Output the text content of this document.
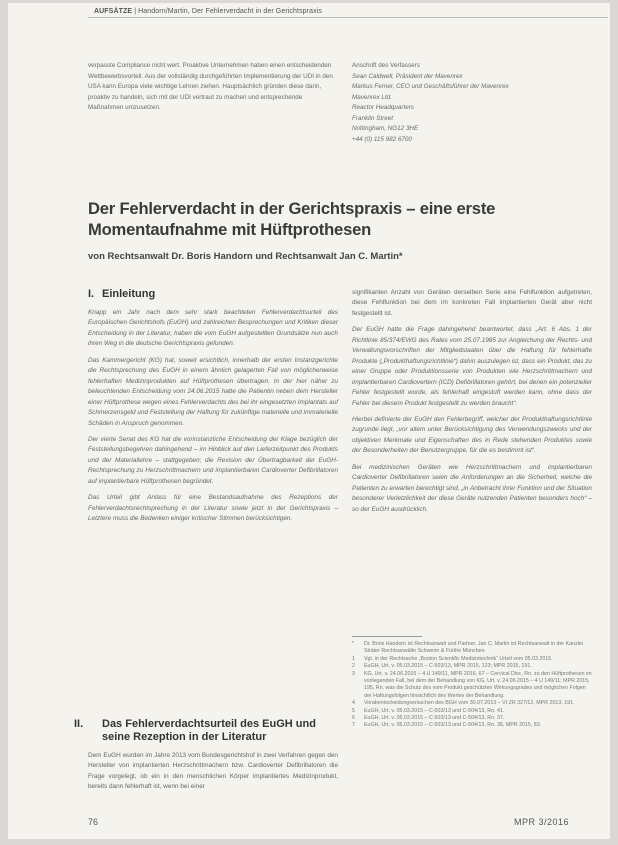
AUFSÄTZE | Handorn/Martin, Der Fehlerverdacht in der Gerichtspraxis
verpasste Compliance nicht wert. Proaktive Unternehmen haben einen entscheidenden Wettbewerbsvorteil. Aus der vollständig durchgeführten Implementierung der UDI in den USA kann Europa viele wichtige Lehren ziehen. Hauptsächlich gründen diese darin, proaktiv zu handeln, sich mit der UDI vertraut zu machen und entsprechende Maßnahmen umzusetzen.
Anschrift des Verfassers
Sean Caldwell, Präsident der Mavenrex
Markus Ferner, CEO und Geschäftsführer der Mavenrex
Mavenrex Ltd.
Reactor Headquarters
Franklin Street
Nottingham, NG12 3HE
+44 (0) 115 982 6700
Der Fehlerverdacht in der Gerichtspraxis – eine erste Momentaufnahme mit Hüftprothesen
von Rechtsanwalt Dr. Boris Handorn und Rechtsanwalt Jan C. Martin*
I. Einleitung

Knapp ein Jahr nach dem sehr stark beachteten Fehlerverdachtsurteil des Europäischen Gerichtshofs (EuGH) und zahlreichen Besprechungen und Kritiken dieser Entscheidung in der Literatur, haben die vom EuGH aufgestellten Grundsätze nun auch ihren Weg in die deutsche Gerichtspraxis gefunden.

Das Kammergericht (KG) hat, soweit ersichtlich, innerhalb der ersten Instanzgerichte die Rechtsprechung des EuGH in einem ähnlich gelagerten Fall von möglicherweise fehlerhaften Medizinprodukten auf Hüftprothesen übertragen. In der hier näher zu beleuchtenden Entscheidung vom 24.06.2015 hatte die Patientin neben dem Hersteller einer Hüftprothese wegen eines Fehlerverdachts des bei ihr eingesetzten Implantats auf Schmerzensgeld und Feststellung der Haftung für zukünftige materielle und immaterielle Schäden in Anspruch genommen.

Der vierte Senat des KG hat die vorinstanzliche Entscheidung der Klage bezüglich der Feststellungsbegehren dahingehend – im Hinblick auf den Lieferzeitpunkt des Produkts und der Materiallehre – stattgegeben; die Revision der Übertragbarkeit der EuGH-Rechtsprechung zu Herzschrittmachern und implantierbaren Cardioverter Defibrillatoren auf implantierbare Hüftprothesen begründet.

Das Urteil gibt Anlass für eine Bestandsaufnahme des Rezeptions der Fehlerverdachtsrechtsprechung in der Literatur sowie jetzt in der Gerichtspraxis – Letztere muss die Bedenken einiger kritischer Stimmen berücksichtigen.

II. Das Fehlerverdachtsurteil des EuGH und seine Rezeption in der Literatur

Dem EuGH wurden im Jahre 2013 vom Bundesgerichtshof in zwei Verfahren gegen den Hersteller von implantierten Herzschrittmachern bzw. Cardioverter Defibrillatoren die Frage vorgelegt, ob ein in den menschlichen Körper implantiertes Medizinprodukt, bereits dann fehlerhaft ist, wenn bei einer

signifikanten Anzahl von Geräten derselben Serie eine Fehlfunktion aufgetreten, diese Fehlfunktion bei dem im konkreten Fall implantierten Gerät aber nicht festgestellt ist.

Der EuGH hatte die Frage dahingehend beantwortet, dass „Art. 6 Abs. 1 der Richtlinie 85/374/EWG des Rates vom 25.07.1985 zur Angleichung der Rechts- und Verwaltungsvorschriften der Mitgliedstaaten über die Haftung für fehlerhafte Produkte („Produkthaftungsrichtlinie“) dahin auszulegen ist, dass ein Produkt, das zu einer Gruppe oder Produktionsserie von Produkten wie Herzschrittmachern und implantierbaren Cardiovertern (ICD) Defibrillatoren gehört, bei denen ein potenzieller Fehler festgestellt wurde, als fehlerhaft eingestuft werden kann, ohne dass der Fehler bei diesem Produkt festgestellt zu werden braucht“.

Hierbei definierte der EuGH den Fehlerbegriff, welcher der Produkthaftungsrichtlinie zugrunde liegt, „vor allem unter Berücksichtigung des Verwendungszwecks und der objektiven Merkmale und Eigenschaften des in Rede stehenden Produktes sowie der Besonderheiten der Benutzergruppe, für die es bestimmt ist“.

Bei medizinischen Geräten wie Herzschrittmachern und implantierbaren Cardioverter Defibrillatoren seien die Anforderungen an die Sicherheit, welche die Patienten zu erwarten berechtigt sind, „in Anbetracht ihrer Funktion und der Situation besonderer Verletzlichkeit der diese Geräte nutzenden Patienten besonders hoch“ – so der EuGH ausdrücklich.

* Dr. Boris Handorn ist Rechtsanwalt und Partner, Jan C. Martin ist Rechtsanwalt in der Kanzlei Sträter Rechtsanwälte Schwerin & Fürthe München.

1 Vgl. in der Rechtsache „Boston Scientific Medizintechnik“ Urteil vom 05.03.2015.

2 EuGH, Urt. v. 05.03.2015 – C-503/13, MPR 2015, 123; MPR 2015, 191.

3 KG, Urt. v. 24.06.2015 – 4 U 149/11, MPR 2016, 67 – Cervical Disc, Rn. zu den Hüftprothesen im vorliegenden Fall, bei dem der Behandlung von KG, Urt. v. 24.06.2015 – 4 U 149/11; MPR 2015, 195, Rn. was die Schutz des vom Produkt geschützten Wirkungsgrades und möglichen Folgen der Haftungsfolgen hinsichtlich des Wertes der Behandlung.

4 Vorabentscheidungsersuchen des BGH vom 30.07.2013 – VI ZR 327/12, MPR 2013, 191.

5 EuGH, Urt. v. 05.03.2015 – C-503/13 und C-504/13, Rn. 41.

6 EuGH, Urt. v. 05.03.2015 – C-503/13 und C-504/13, Rn. 37.

7 EuGH, Urt. v. 05.03.2015 – C-503/13 und C-504/13, Rn. 38, MPR 2015, 83.

76	MPR 3/2016
